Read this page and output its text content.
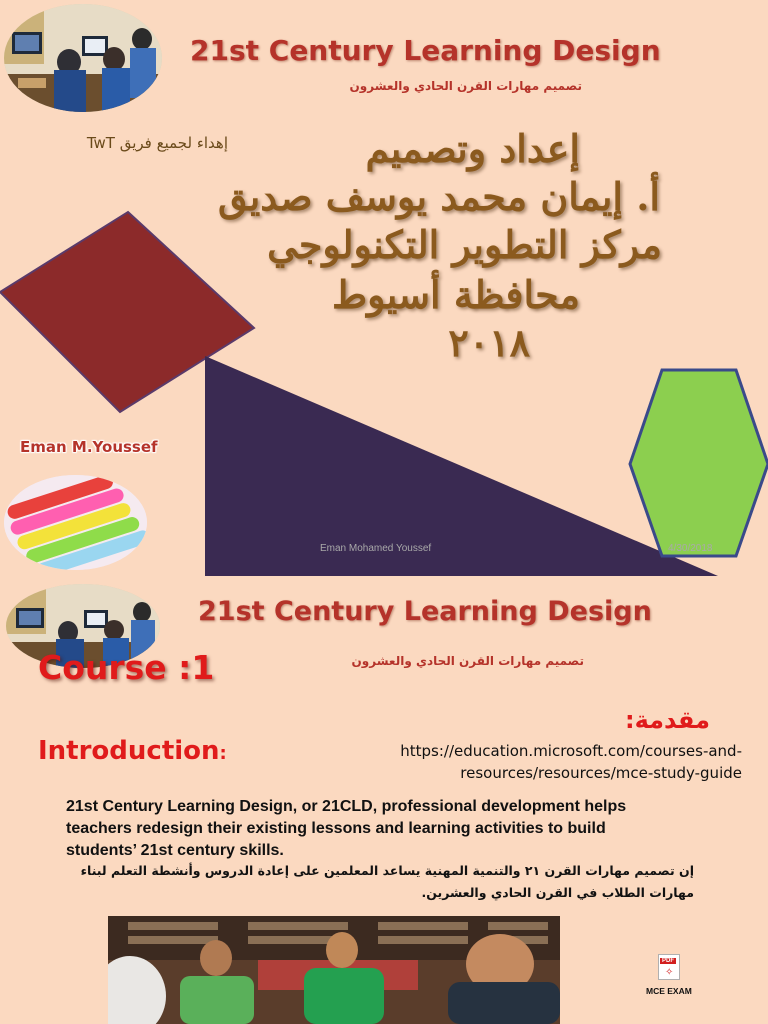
21st Century Learning Design
تصميم مهارات القرن الحادي والعشرون
إهداء لجميع فريق TwT	إعداد وتصميم
أ. إيمان محمد يوسف صديق
مركز التطوير التكنولوجي
محافظة أسيوط
٢٠١٨
Eman M.Youssef
Eman Mohamed Youssef	4/30/2018
21st Century Learning Design
تصميم مهارات القرن الحادي والعشرون
Course :1
مقدمة:
Introduction:	https://education.microsoft.com/courses-and-
resources/resources/mce-study-guide
21st Century Learning Design, or 21CLD, professional development helps teachers redesign their existing lessons and learning activities to build students’ 21st century skills.
إن تصميم مهارات القرن ٢١ والتنمية المهنية يساعد المعلمين على إعادة الدروس وأنشطة التعلم لبناء مهارات الطلاب في القرن الحادي والعشرين.
PDF
✧
MCE EXAM
